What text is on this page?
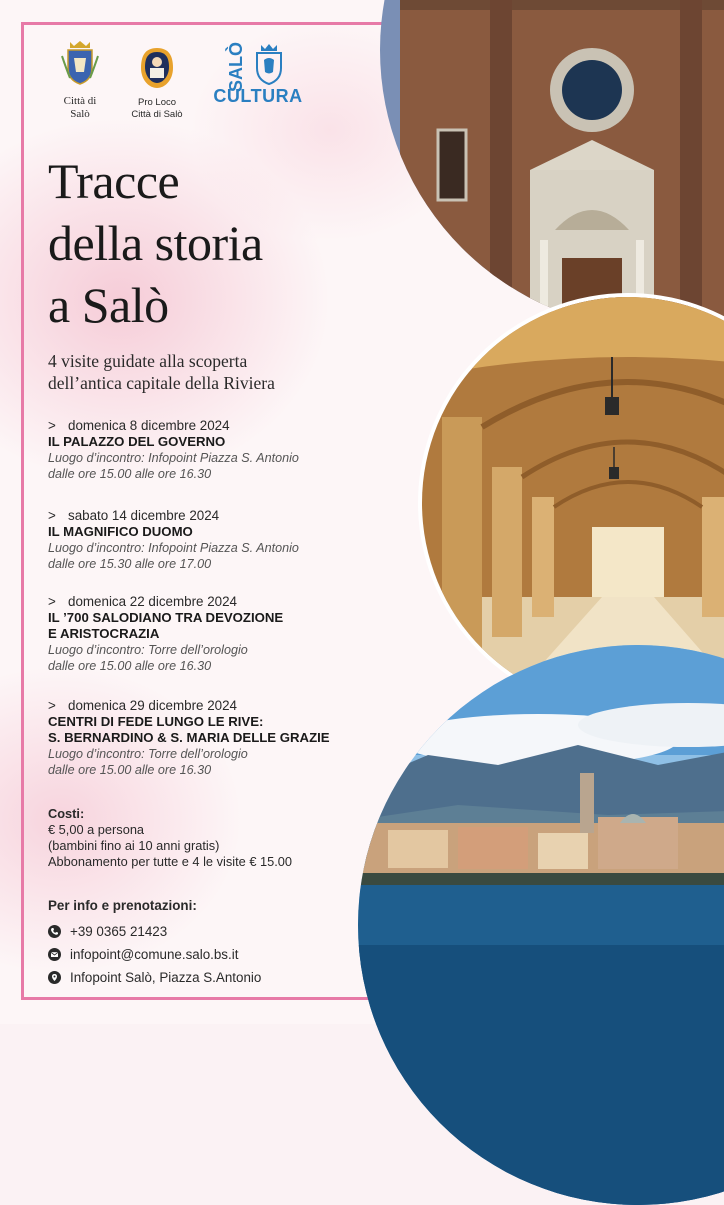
Città di
Salò
Pro Loco
Città di Salò
SALÒ
CULTURA
Tracce
della storia
a Salò
4 visite guidate alla scoperta
dell’antica capitale della Riviera
> domenica 8 dicembre 2024
IL PALAZZO DEL GOVERNO
Luogo d’incontro: Infopoint Piazza S. Antonio
dalle ore 15.00 alle ore 16.30
> sabato 14 dicembre 2024
IL MAGNIFICO DUOMO
Luogo d’incontro: Infopoint Piazza S. Antonio
dalle ore 15.30 alle ore 17.00
> domenica 22 dicembre 2024
IL ’700 SALODIANO TRA DEVOZIONE
E ARISTOCRAZIA
Luogo d’incontro: Torre dell’orologio
dalle ore 15.00 alle ore 16.30
> domenica 29 dicembre 2024
CENTRI DI FEDE LUNGO LE RIVE:
S. BERNARDINO & S. MARIA DELLE GRAZIE
Luogo d’incontro: Torre dell’orologio
dalle ore 15.00 alle ore 16.30
Costi:
€ 5,00 a persona
(bambini fino ai 10 anni gratis)
Abbonamento per tutte e 4 le visite € 15.00
Per info e prenotazioni:
+39 0365 21423
infopoint@comune.salo.bs.it
Infopoint Salò, Piazza S.Antonio
